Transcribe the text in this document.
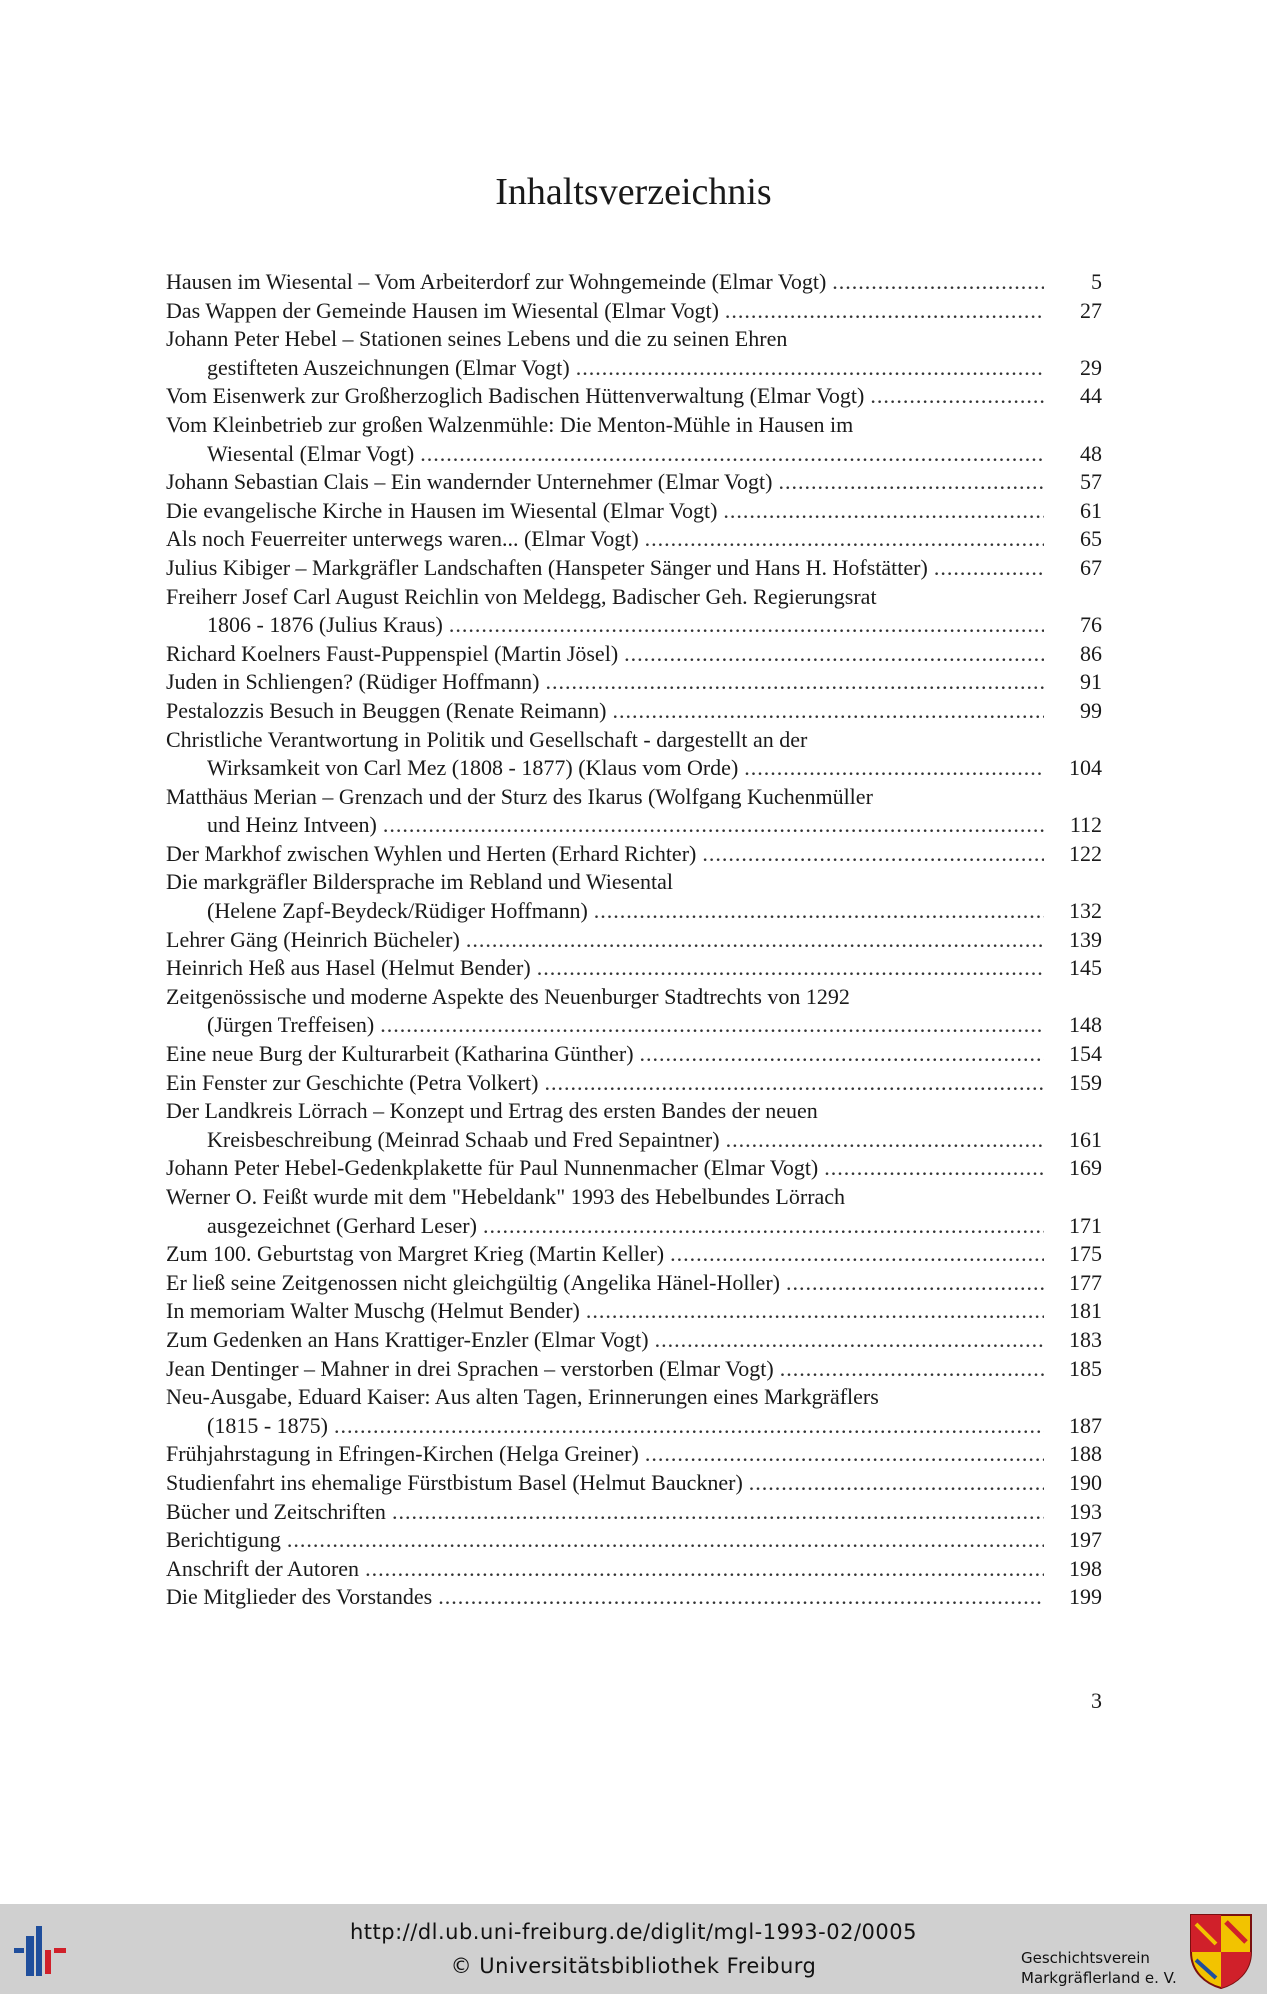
Inhaltsverzeichnis
Hausen im Wiesental – Vom Arbeiterdorf zur Wohngemeinde (Elmar Vogt) .....	5
Das Wappen der Gemeinde Hausen im Wiesental (Elmar Vogt) .....	27
Johann Peter Hebel – Stationen seines Lebens und die zu seinen Ehren
gestifteten Auszeichnungen (Elmar Vogt) .....	29
Vom Eisenwerk zur Großherzoglich Badischen Hüttenverwaltung (Elmar Vogt) .....	44
Vom Kleinbetrieb zur großen Walzenmühle: Die Menton-Mühle in Hausen im
Wiesental (Elmar Vogt) .....	48
Johann Sebastian Clais – Ein wandernder Unternehmer (Elmar Vogt) .....	57
Die evangelische Kirche in Hausen im Wiesental (Elmar Vogt) .....	61
Als noch Feuerreiter unterwegs waren... (Elmar Vogt) .....	65
Julius Kibiger – Markgräfler Landschaften (Hanspeter Sänger und Hans H. Hofstätter) .....	67
Freiherr Josef Carl August Reichlin von Meldegg, Badischer Geh. Regierungsrat
1806 - 1876 (Julius Kraus) .....	76
Richard Koelners Faust-Puppenspiel (Martin Jösel) .....	86
Juden in Schliengen? (Rüdiger Hoffmann) .....	91
Pestalozzis Besuch in Beuggen (Renate Reimann) .....	99
Christliche Verantwortung in Politik und Gesellschaft - dargestellt an der
Wirksamkeit von Carl Mez (1808 - 1877) (Klaus vom Orde) .....	104
Matthäus Merian – Grenzach und der Sturz des Ikarus (Wolfgang Kuchenmüller
und Heinz Intveen) .....	112
Der Markhof zwischen Wyhlen und Herten (Erhard Richter) .....	122
Die markgräfler Bildersprache im Rebland und Wiesental
(Helene Zapf-Beydeck/Rüdiger Hoffmann) .....	132
Lehrer Gäng (Heinrich Bücheler) .....	139
Heinrich Heß aus Hasel (Helmut Bender) .....	145
Zeitgenössische und moderne Aspekte des Neuenburger Stadtrechts von 1292
(Jürgen Treffeisen) .....	148
Eine neue Burg der Kulturarbeit (Katharina Günther) .....	154
Ein Fenster zur Geschichte (Petra Volkert) .....	159
Der Landkreis Lörrach – Konzept und Ertrag des ersten Bandes der neuen
Kreisbeschreibung (Meinrad Schaab und Fred Sepaintner) .....	161
Johann Peter Hebel-Gedenkplakette für Paul Nunnenmacher (Elmar Vogt) .....	169
Werner O. Feißt wurde mit dem "Hebeldank" 1993 des Hebelbundes Lörrach
ausgezeichnet (Gerhard Leser) .....	171
Zum 100. Geburtstag von Margret Krieg (Martin Keller) .....	175
Er ließ seine Zeitgenossen nicht gleichgültig (Angelika Hänel-Holler) .....	177
In memoriam Walter Muschg (Helmut Bender) .....	181
Zum Gedenken an Hans Krattiger-Enzler (Elmar Vogt) .....	183
Jean Dentinger – Mahner in drei Sprachen – verstorben (Elmar Vogt) .....	185
Neu-Ausgabe, Eduard Kaiser: Aus alten Tagen, Erinnerungen eines Markgräflers
(1815 - 1875) .....	187
Frühjahrstagung in Efringen-Kirchen (Helga Greiner) .....	188
Studienfahrt ins ehemalige Fürstbistum Basel (Helmut Bauckner) .....	190
Bücher und Zeitschriften .....	193
Berichtigung .....	197
Anschrift der Autoren .....	198
Die Mitglieder des Vorstandes .....	199
3
http://dl.ub.uni-freiburg.de/diglit/mgl-1993-02/0005
© Universitätsbibliothek Freiburg	Geschichtsverein
Markgräflerland e. V.
